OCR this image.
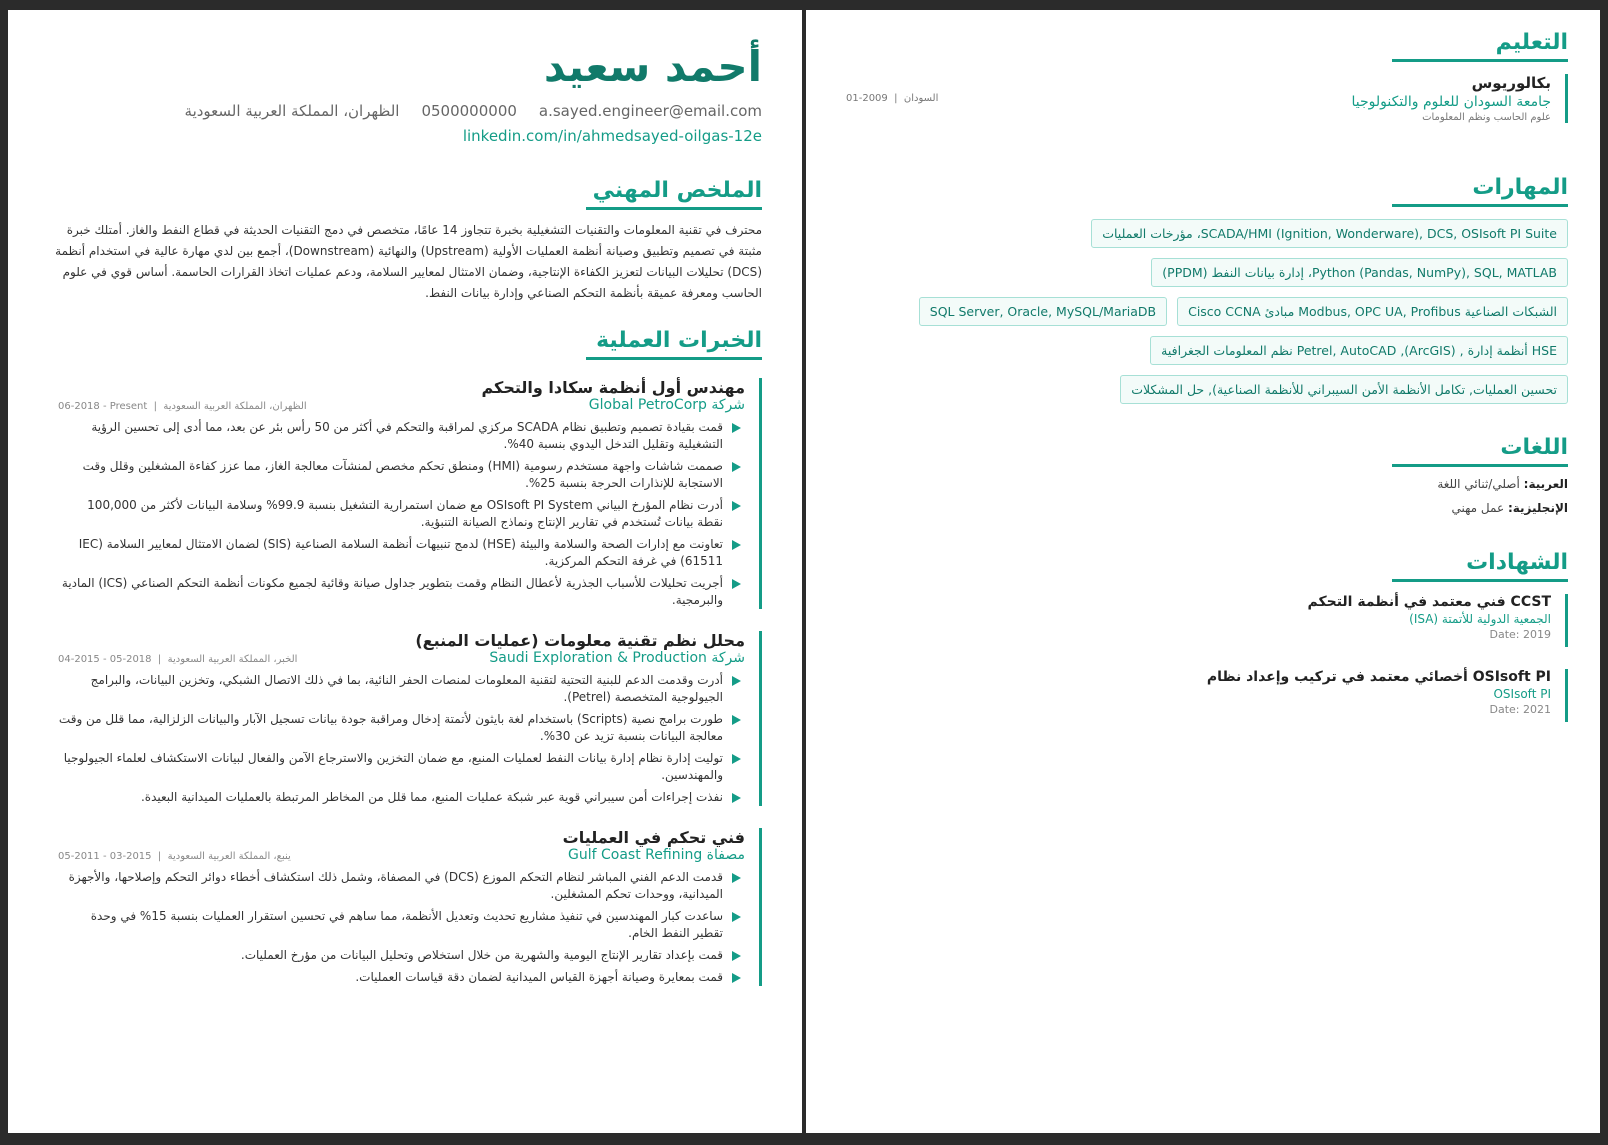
أحمد سعيد
a.sayed.engineer@email.com
0500000000
الظهران، المملكة العربية السعودية
linkedin.com/in/ahmedsayed-oilgas-12e
الملخص المهني
محترف في تقنية المعلومات والتقنيات التشغيلية بخبرة تتجاوز 14 عامًا، متخصص في دمج التقنيات الحديثة في قطاع النفط والغاز. أمتلك خبرة مثبتة في تصميم وتطبيق وصيانة أنظمة العمليات الأولية (Upstream) والنهائية (Downstream)، أجمع بين لدي مهارة عالية في استخدام أنظمة (DCS) تحليلات البيانات لتعزيز الكفاءة الإنتاجية، وضمان الامتثال لمعايير السلامة، ودعم عمليات اتخاذ القرارات الحاسمة. أساس قوي في علوم الحاسب ومعرفة عميقة بأنظمة التحكم الصناعي وإدارة بيانات النفط.
الخبرات العملية
مهندس أول أنظمة سكادا والتحكم
شركة Global PetroCorp
الظهران، المملكة العربية السعودية  |  06-2018 - Present
قمت بقيادة تصميم وتطبيق نظام SCADA مركزي لمراقبة والتحكم في أكثر من 50 رأس بئر عن بعد، مما أدى إلى تحسين الرؤية التشغيلية وتقليل التدخل اليدوي بنسبة 40%.
صممت شاشات واجهة مستخدم رسومية (HMI) ومنطق تحكم مخصص لمنشآت معالجة الغاز، مما عزز كفاءة المشغلين وقلل وقت الاستجابة للإنذارات الحرجة بنسبة 25%.
أدرت نظام المؤرخ البياني OSIsoft PI System مع ضمان استمرارية التشغيل بنسبة 99.9% وسلامة البيانات لأكثر من 100,000 نقطة بيانات تُستخدم في تقارير الإنتاج ونماذج الصيانة التنبؤية.
تعاونت مع إدارات الصحة والسلامة والبيئة (HSE) لدمج تنبيهات أنظمة السلامة الصناعية (SIS) لضمان الامتثال لمعايير السلامة (IEC 61511) في غرفة التحكم المركزية.
أجريت تحليلات للأسباب الجذرية لأعطال النظام وقمت بتطوير جداول صيانة وقائية لجميع مكونات أنظمة التحكم الصناعي (ICS) المادية والبرمجية.
محلل نظم تقنية معلومات (عمليات المنبع)
شركة Saudi Exploration & Production
الخبر، المملكة العربية السعودية  |  04-2015 - 05-2018
أدرت وقدمت الدعم للبنية التحتية لتقنية المعلومات لمنصات الحفر النائية، بما في ذلك الاتصال الشبكي، وتخزين البيانات، والبرامج الجيولوجية المتخصصة (Petrel).
طورت برامج نصية (Scripts) باستخدام لغة بايثون لأتمتة إدخال ومراقبة جودة بيانات تسجيل الآبار والبيانات الزلزالية، مما قلل من وقت معالجة البيانات بنسبة تزيد عن 30%.
توليت إدارة نظام إدارة بيانات النفط لعمليات المنبع، مع ضمان التخزين والاسترجاع الآمن والفعال لبيانات الاستكشاف لعلماء الجيولوجيا والمهندسين.
نفذت إجراءات أمن سيبراني قوية عبر شبكة عمليات المنبع، مما قلل من المخاطر المرتبطة بالعمليات الميدانية البعيدة.
فني تحكم في العمليات
مصفاة Gulf Coast Refining
ينبع، المملكة العربية السعودية  |  05-2011 - 03-2015
قدمت الدعم الفني المباشر لنظام التحكم الموزع (DCS) في المصفاة، وشمل ذلك استكشاف أخطاء دوائر التحكم وإصلاحها، والأجهزة الميدانية، ووحدات تحكم المشغلين.
ساعدت كبار المهندسين في تنفيذ مشاريع تحديث وتعديل الأنظمة، مما ساهم في تحسين استقرار العمليات بنسبة 15% في وحدة تقطير النفط الخام.
قمت بإعداد تقارير الإنتاج اليومية والشهرية من خلال استخلاص وتحليل البيانات من مؤرخ العمليات.
قمت بمعايرة وصيانة أجهزة القياس الميدانية لضمان دقة قياسات العمليات.
التعليم
بكالوريوس
جامعة السودان للعلوم والتكنولوجيا
علوم الحاسب ونظم المعلومات
السودان  |  01-2009
المهارات
SCADA/HMI (Ignition, Wonderware), DCS, OSIsoft PI Suite، مؤرخات العمليات
Python (Pandas, NumPy), SQL, MATLAB، إدارة بيانات النفط (PPDM)
الشبكات الصناعية Modbus, OPC UA, Profibus مبادئ Cisco CCNA
SQL Server, Oracle, MySQL/MariaDB
HSE أنظمة إدارة , (ArcGIS), Petrel, AutoCAD نظم المعلومات الجغرافية
تحسين العمليات, تكامل الأنظمة الأمن السيبراني للأنظمة الصناعية), حل المشكلات
اللغات
العربية: أصلي/ثنائي اللغة
الإنجليزية: عمل مهني
الشهادات
CCST فني معتمد في أنظمة التحكم
الجمعية الدولية للأتمتة (ISA)
Date: 2019
OSIsoft PI أخصائي معتمد في تركيب وإعداد نظام
OSIsoft PI
Date: 2021
